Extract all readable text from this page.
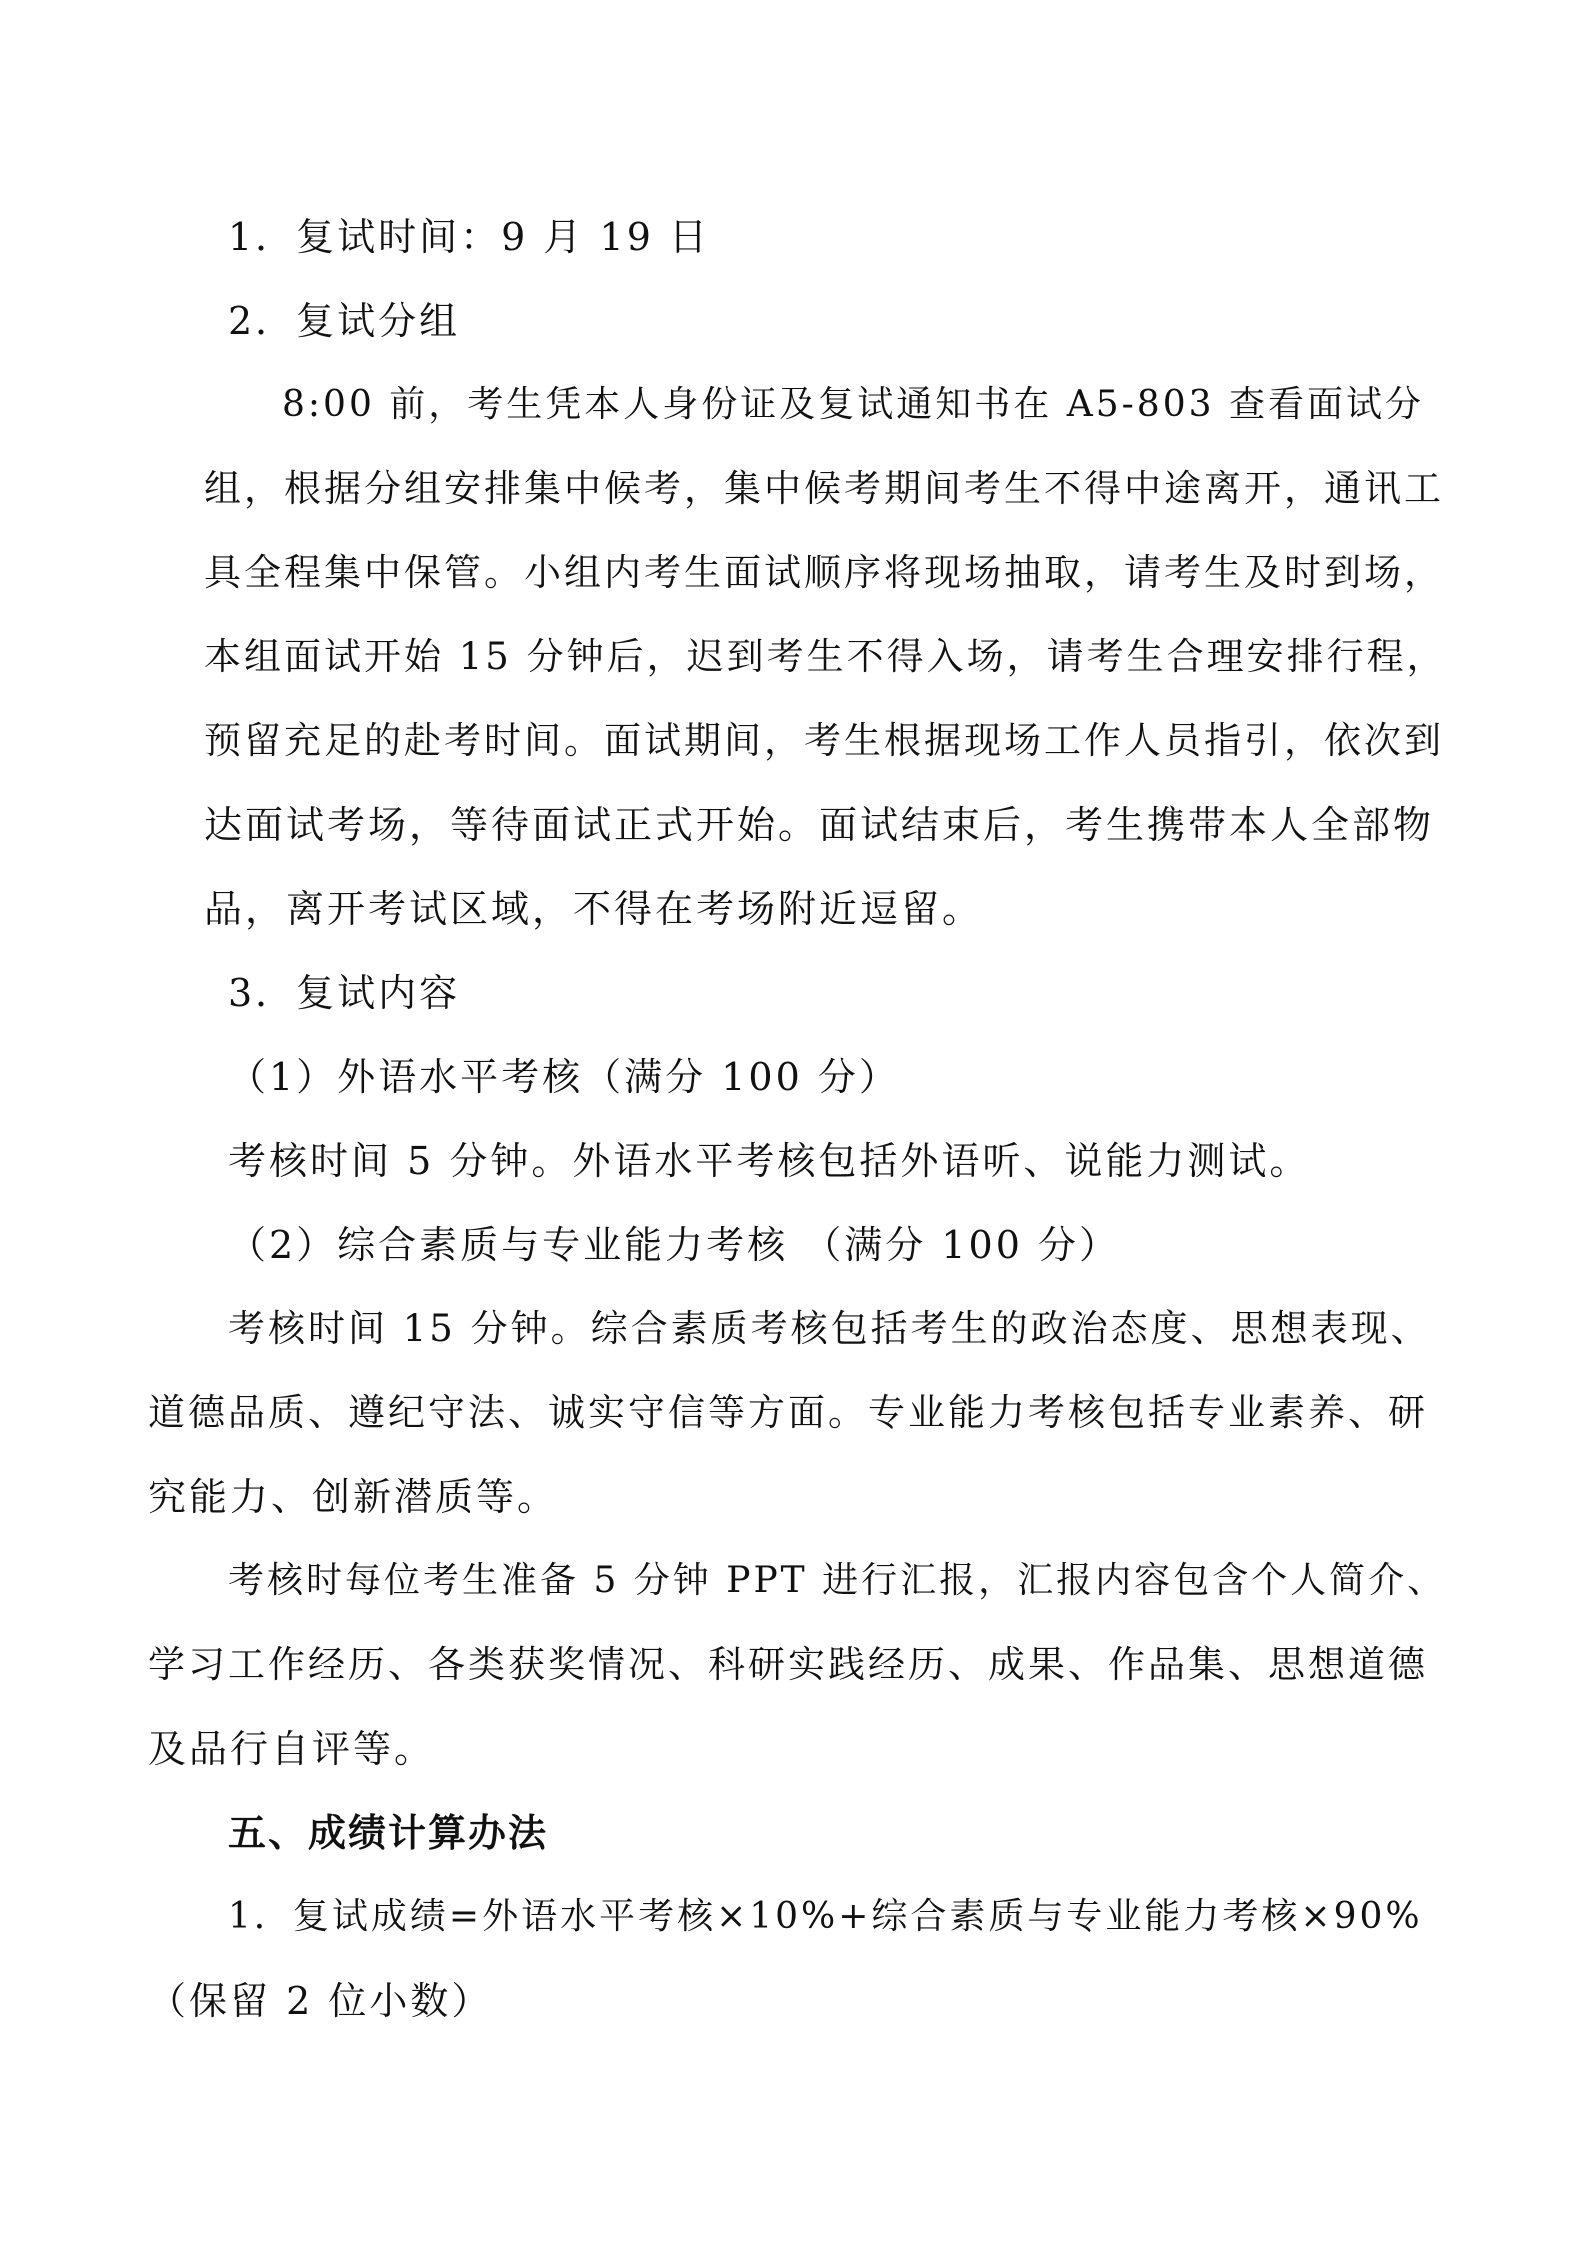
1．复试时间：9 月 19 日
2．复试分组
8:00 前，考生凭本人身份证及复试通知书在 A5-803 查看面试分
组，根据分组安排集中候考，集中候考期间考生不得中途离开，通讯工
具全程集中保管。小组内考生面试顺序将现场抽取，请考生及时到场，
本组面试开始 15 分钟后，迟到考生不得入场，请考生合理安排行程，
预留充足的赴考时间。面试期间，考生根据现场工作人员指引，依次到
达面试考场，等待面试正式开始。面试结束后，考生携带本人全部物
品，离开考试区域，不得在考场附近逗留。
3．复试内容
（1）外语水平考核（满分 100 分）
考核时间 5 分钟。外语水平考核包括外语听、说能力测试。
（2）综合素质与专业能力考核 （满分 100 分）
考核时间 15 分钟。综合素质考核包括考生的政治态度、思想表现、
道德品质、遵纪守法、诚实守信等方面。专业能力考核包括专业素养、研
究能力、创新潜质等。
考核时每位考生准备 5 分钟 PPT 进行汇报，汇报内容包含个人简介、
学习工作经历、各类获奖情况、科研实践经历、成果、作品集、思想道德
及品行自评等。
五、成绩计算办法
1．复试成绩=外语水平考核×10%+综合素质与专业能力考核×90%
（保留 2 位小数）
